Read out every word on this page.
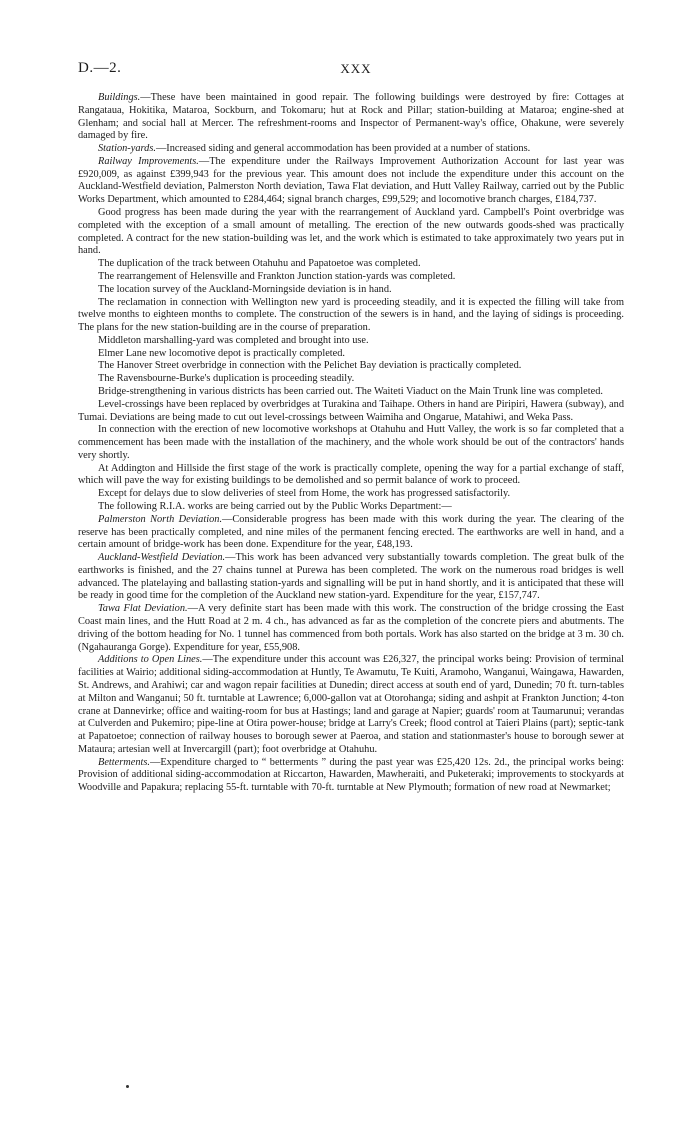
D.—2.	XXX

Buildings.—These have been maintained in good repair. The following buildings were destroyed by fire: Cottages at Rangataua, Hokitika, Mataroa, Sockburn, and Tokomaru; hut at Rock and Pillar; station-building at Mataroa; engine-shed at Glenham; and social hall at Mercer. The refreshment-rooms and Inspector of Permanent-way's office, Ohakune, were severely damaged by fire.

Station-yards.—Increased siding and general accommodation has been provided at a number of stations.

Railway Improvements.—The expenditure under the Railways Improvement Authorization Account for last year was £920,009, as against £399,943 for the previous year. This amount does not include the expenditure under this account on the Auckland-Westfield deviation, Palmerston North deviation, Tawa Flat deviation, and Hutt Valley Railway, carried out by the Public Works Department, which amounted to £284,464; signal branch charges, £99,529; and locomotive branch charges, £184,737.

Good progress has been made during the year with the rearrangement of Auckland yard. Campbell's Point overbridge was completed with the exception of a small amount of metalling. The erection of the new outwards goods-shed was practically completed. A contract for the new station-building was let, and the work which is estimated to take approximately two years put in hand.

The duplication of the track between Otahuhu and Papatoetoe was completed.

The rearrangement of Helensville and Frankton Junction station-yards was completed.

The location survey of the Auckland-Morningside deviation is in hand.

The reclamation in connection with Wellington new yard is proceeding steadily, and it is expected the filling will take from twelve months to eighteen months to complete. The construction of the sewers is in hand, and the laying of sidings is proceeding. The plans for the new station-building are in the course of preparation.

Middleton marshalling-yard was completed and brought into use.

Elmer Lane new locomotive depot is practically completed.

The Hanover Street overbridge in connection with the Pelichet Bay deviation is practically completed.

The Ravensbourne-Burke's duplication is proceeding steadily.

Bridge-strengthening in various districts has been carried out. The Waiteti Viaduct on the Main Trunk line was completed.

Level-crossings have been replaced by overbridges at Turakina and Taihape. Others in hand are Piripiri, Hawera (subway), and Tumai. Deviations are being made to cut out level-crossings between Waimiha and Ongarue, Matahiwi, and Weka Pass.

In connection with the erection of new locomotive workshops at Otahuhu and Hutt Valley, the work is so far completed that a commencement has been made with the installation of the machinery, and the whole work should be out of the contractors' hands very shortly.

At Addington and Hillside the first stage of the work is practically complete, opening the way for a partial exchange of staff, which will pave the way for existing buildings to be demolished and so permit balance of work to proceed.

Except for delays due to slow deliveries of steel from Home, the work has progressed satisfactorily.

The following R.I.A. works are being carried out by the Public Works Department:—

Palmerston North Deviation.—Considerable progress has been made with this work during the year. The clearing of the reserve has been practically completed, and nine miles of the permanent fencing erected. The earthworks are well in hand, and a certain amount of bridge-work has been done. Expenditure for the year, £48,193.

Auckland-Westfield Deviation.—This work has been advanced very substantially towards completion. The great bulk of the earthworks is finished, and the 27 chains tunnel at Purewa has been completed. The work on the numerous road bridges is well advanced. The platelaying and ballasting station-yards and signalling will be put in hand shortly, and it is anticipated that these will be ready in good time for the completion of the Auckland new station-yard. Expenditure for the year, £157,747.

Tawa Flat Deviation.—A very definite start has been made with this work. The construction of the bridge crossing the East Coast main lines, and the Hutt Road at 2 m. 4 ch., has advanced as far as the completion of the concrete piers and abutments. The driving of the bottom heading for No. 1 tunnel has commenced from both portals. Work has also started on the bridge at 3 m. 30 ch. (Ngahauranga Gorge). Expenditure for year, £55,908.

Additions to Open Lines.—The expenditure under this account was £26,327, the principal works being: Provision of terminal facilities at Wairio; additional siding-accommodation at Huntly, Te Awamutu, Te Kuiti, Aramoho, Wanganui, Waingawa, Hawarden, St. Andrews, and Arahiwi; car and wagon repair facilities at Dunedin; direct access at south end of yard, Dunedin; 70 ft. turn-tables at Milton and Wanganui; 50 ft. turntable at Lawrence; 6,000-gallon vat at Otorohanga; siding and ashpit at Frankton Junction; 4-ton crane at Dannevirke; office and waiting-room for bus at Hastings; land and garage at Napier; guards' room at Taumarunui; verandas at Culverden and Pukemiro; pipe-line at Otira power-house; bridge at Larry's Creek; flood control at Taieri Plains (part); septic-tank at Papatoetoe; connection of railway houses to borough sewer at Paeroa, and station and stationmaster's house to borough sewer at Mataura; artesian well at Invercargill (part); foot overbridge at Otahuhu.

Betterments.—Expenditure charged to “ betterments ” during the past year was £25,420 12s. 2d., the principal works being: Provision of additional siding-accommodation at Riccarton, Hawarden, Mawheraiti, and Puketeraki; improvements to stockyards at Woodville and Papakura; replacing 55-ft. turntable with 70-ft. turntable at New Plymouth; formation of new road at Newmarket;
